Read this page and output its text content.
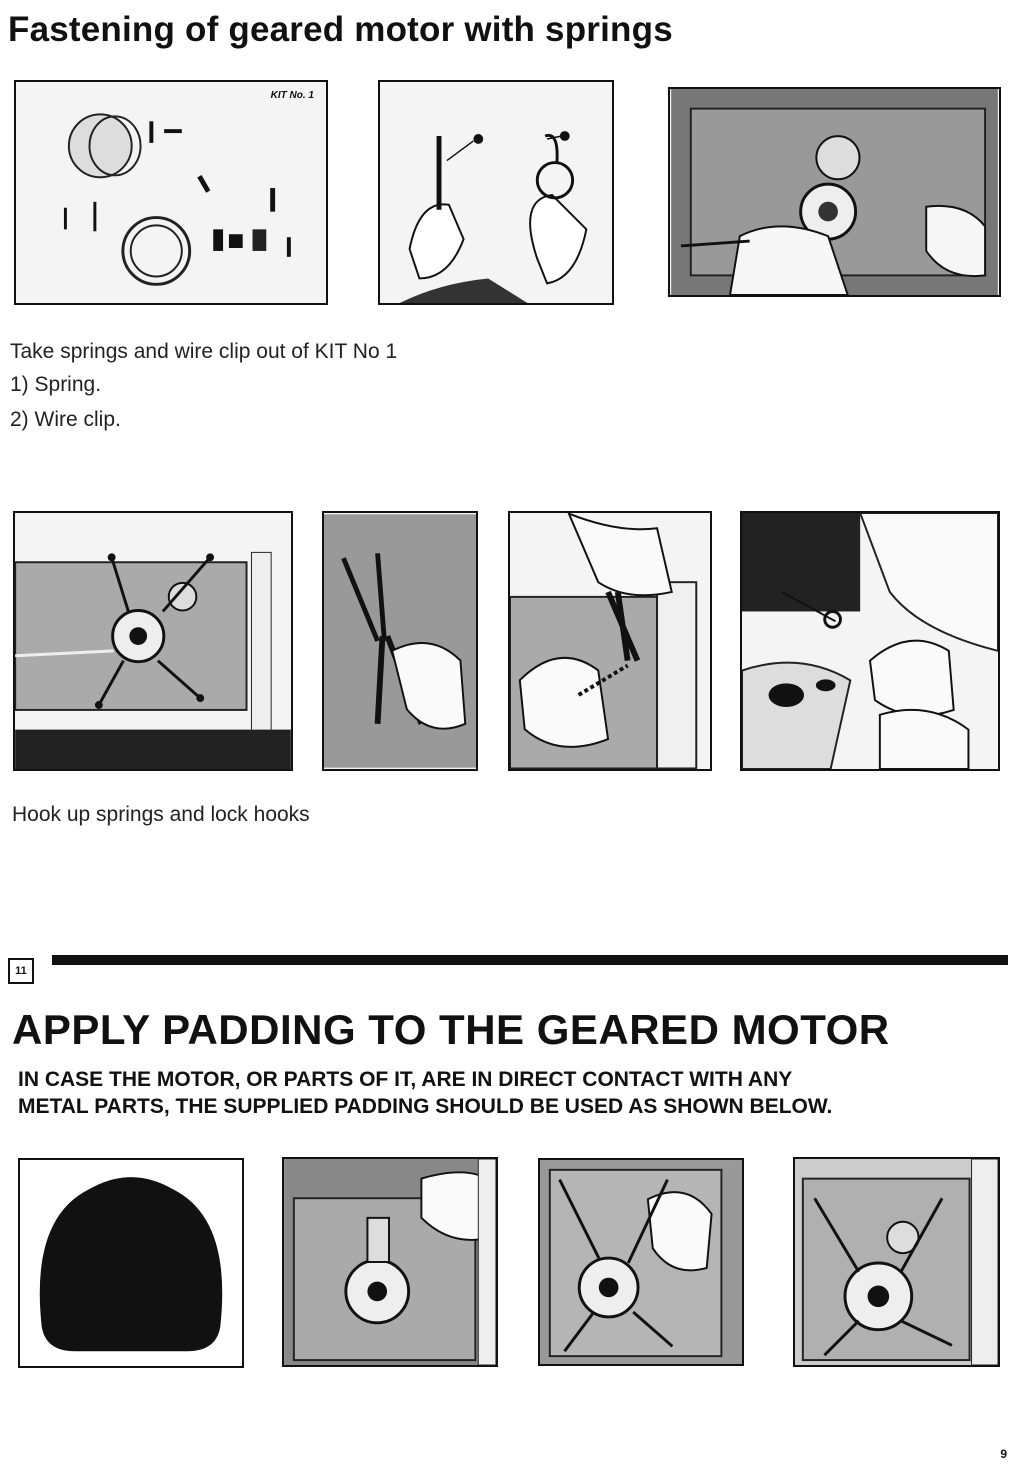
Fastening of geared motor with springs
KIT No. 1
Take springs and wire clip out of KIT No 1
1) Spring.
2) Wire clip.
Hook up springs and lock hooks
11
APPLY PADDING TO THE GEARED MOTOR
IN CASE THE MOTOR, OR PARTS OF IT, ARE IN DIRECT CONTACT WITH ANY
METAL PARTS, THE SUPPLIED PADDING SHOULD BE USED AS SHOWN BELOW.
9
